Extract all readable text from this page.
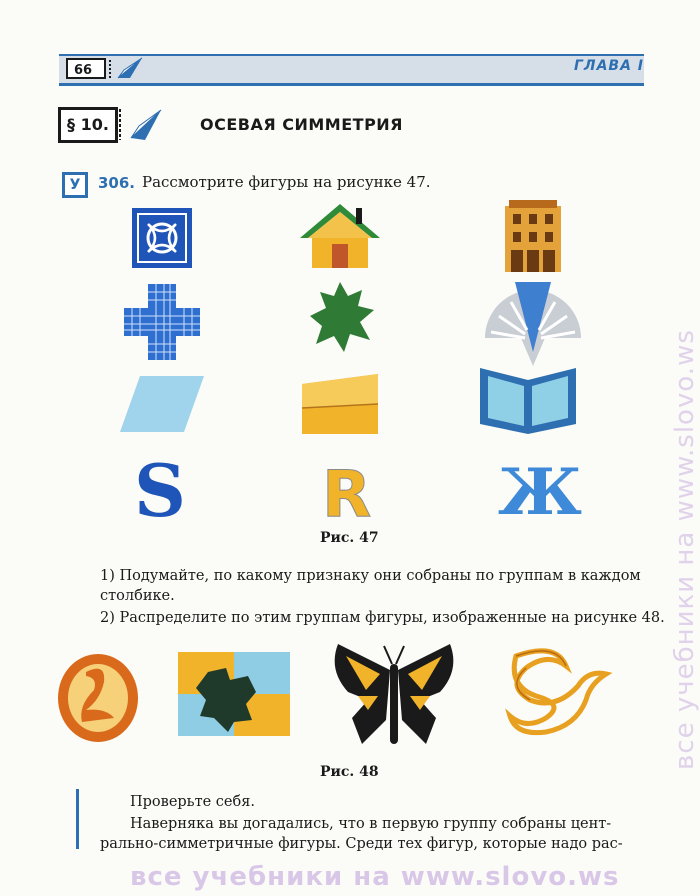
66	ГЛАВА I
§ 10.	ОСЕВАЯ СИММЕТРИЯ
У	306. Рассмотрите фигуры на рисунке 47.
S R Ж
Рис. 47
1) Подумайте, по какому признаку они собраны по группам в каждом
столбике.
2) Распределите по этим группам фигуры, изображенные на рисунке 48.
Рис. 48
Проверьте себя.
Наверняка вы догадались, что в первую группу собраны цент-
рально-симметричные фигуры. Среди тех фигур, которые надо рас-
все учебники на www.slovo.ws
все учебники на www.slovo.ws
